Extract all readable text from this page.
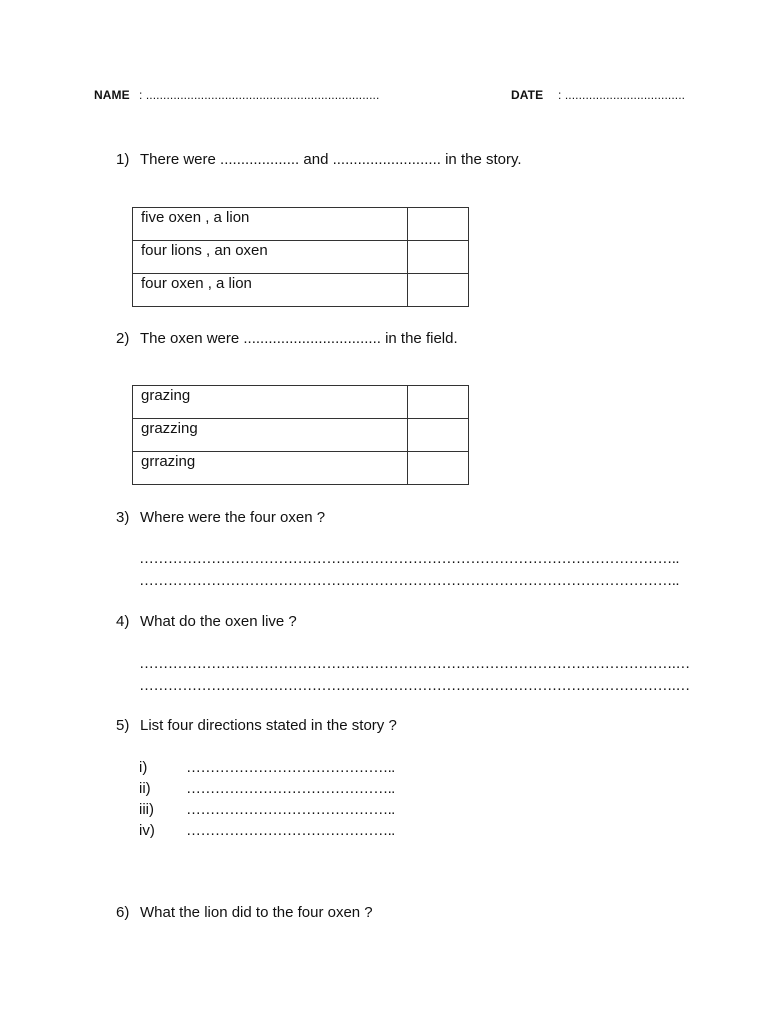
NAME : ....................................................................	DATE : ...................................
1) There were ................... and .......................... in the story.
five oxen , a lion	
four lions , an oxen	
four oxen , a lion	
2) The oxen were ................................. in the field.
grazing	
grazzing	
grrazing	
3) Where were the four oxen ?
…………………………………………………………………………………………………..
…………………………………………………………………………………………………..
4) What do the oxen live ?
………………………………………………………………………………………………….…
………………………………………………………………………………………………….…
5) List four directions stated in the story ?
i)	……………………………………..
ii) ……………………………………..
iii) ……………………………………..
iv) ……………………………………..
6) What the lion did to the four oxen ?
